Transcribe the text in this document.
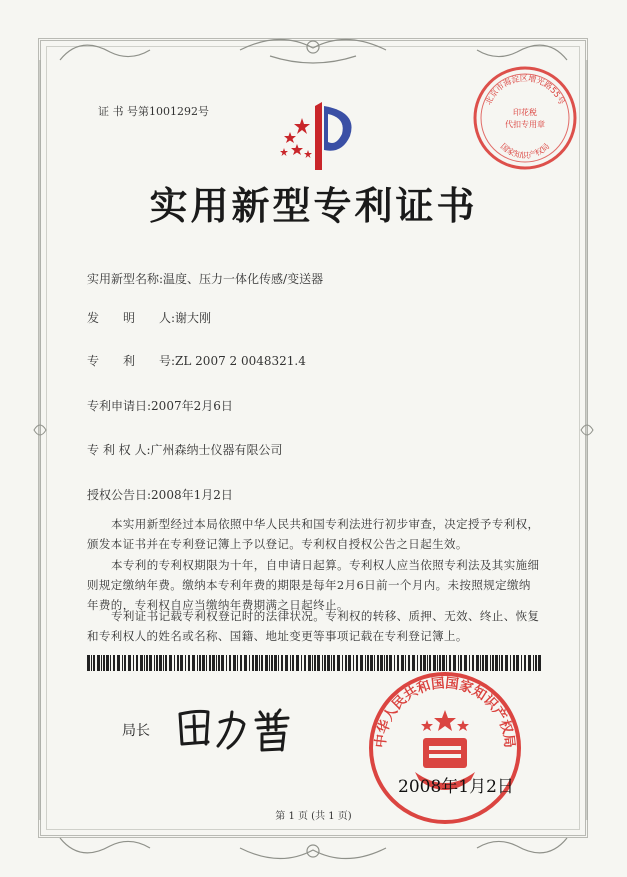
证 书 号第1001292号
北京市海淀区增光路55号
印花税
代扣专用章
国家知识产权局
实用新型专利证书
实用新型名称:温度、压力一体化传感/变送器
发　　明　　人:谢大刚
专　　利　　号:ZL 2007 2 0048321.4
专利申请日:2007年2月6日
专 利 权 人:广州森纳士仪器有限公司
授权公告日:2008年1月2日
本实用新型经过本局依照中华人民共和国专利法进行初步审查，决定授予专利权，颁发本证书并在专利登记簿上予以登记。专利权自授权公告之日起生效。
本专利的专利权期限为十年，自申请日起算。专利权人应当依照专利法及其实施细则规定缴纳年费。缴纳本专利年费的期限是每年2月6日前一个月内。未按照规定缴纳年费的，专利权自应当缴纳年费期满之日起终止。
专利证书记载专利权登记时的法律状况。专利权的转移、质押、无效、终止、恢复和专利权人的姓名或名称、国籍、地址变更等事项记载在专利登记簿上。
局长
中华人民共和国国家知识产权局
2008年1月2日
第 1 页 (共 1 页)
